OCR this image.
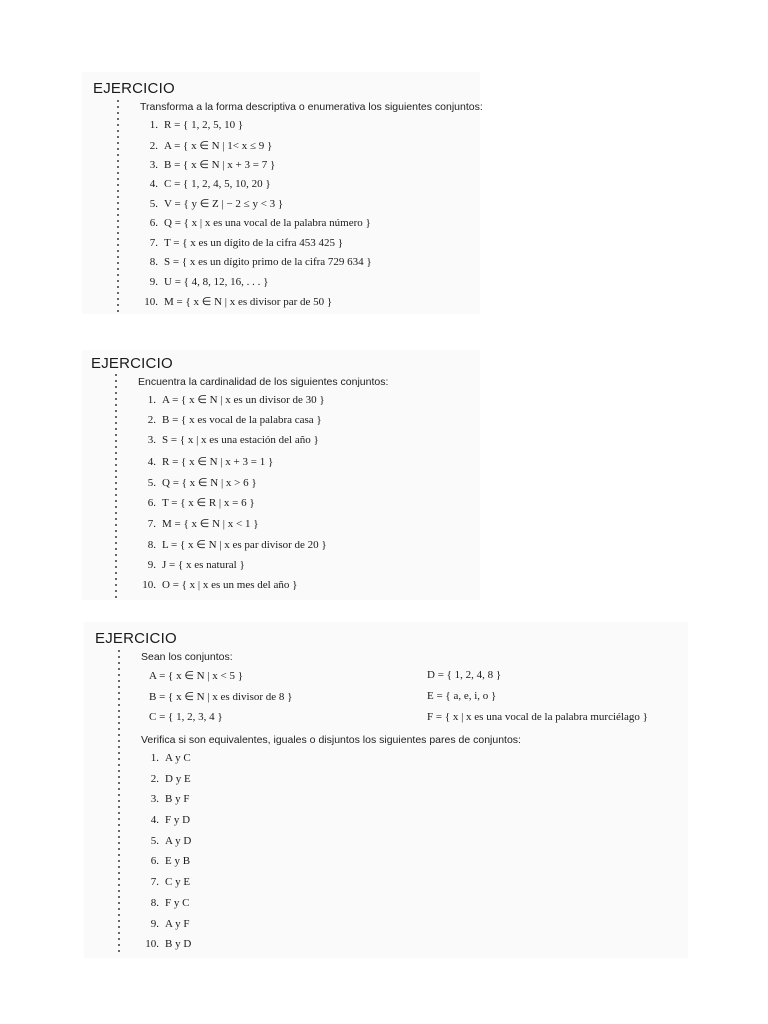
EJERCICIO
Transforma a la forma descriptiva o enumerativa los siguientes conjuntos:
1. R = { 1, 2, 5, 10 }
2. A = { x ∈ N | 1< x ≤ 9 }
3. B = { x ∈ N | x + 3 = 7 }
4. C = { 1, 2, 4, 5, 10, 20 }
5. V = { y ∈ Z | − 2 ≤ y < 3 }
6. Q = { x | x es una vocal de la palabra número }
7. T = { x es un dígito de la cifra 453 425 }
8. S = { x es un dígito primo de la cifra 729 634 }
9. U = { 4, 8, 12, 16, . . . }
10. M = { x ∈ N | x es divisor par de 50 }
EJERCICIO
Encuentra la cardinalidad de los siguientes conjuntos:
1. A = { x ∈ N | x es un divisor de 30 }
2. B = { x es vocal de la palabra casa }
3. S = { x | x es una estación del año }
4. R = { x ∈ N | x + 3 = 1 }
5. Q = { x ∈ N | x > 6 }
6. T = { x ∈ R | x = 6 }
7. M = { x ∈ N | x < 1 }
8. L = { x ∈ N | x es par divisor de 20 }
9. J = { x es natural }
10. O = { x | x es un mes del año }
EJERCICIO
Sean los conjuntos:
A = { x ∈ N | x < 5 }
B = { x ∈ N | x es divisor de 8 }
C = { 1, 2, 3, 4 }
D = { 1, 2, 4, 8 }
E = { a, e, i, o }
F = { x | x es una vocal de la palabra murciélago }
Verifica si son equivalentes, iguales o disjuntos los siguientes pares de conjuntos:
1. A y C
2. D y E
3. B y F
4. F y D
5. A y D
6. E y B
7. C y E
8. F y C
9. A y F
10. B y D
